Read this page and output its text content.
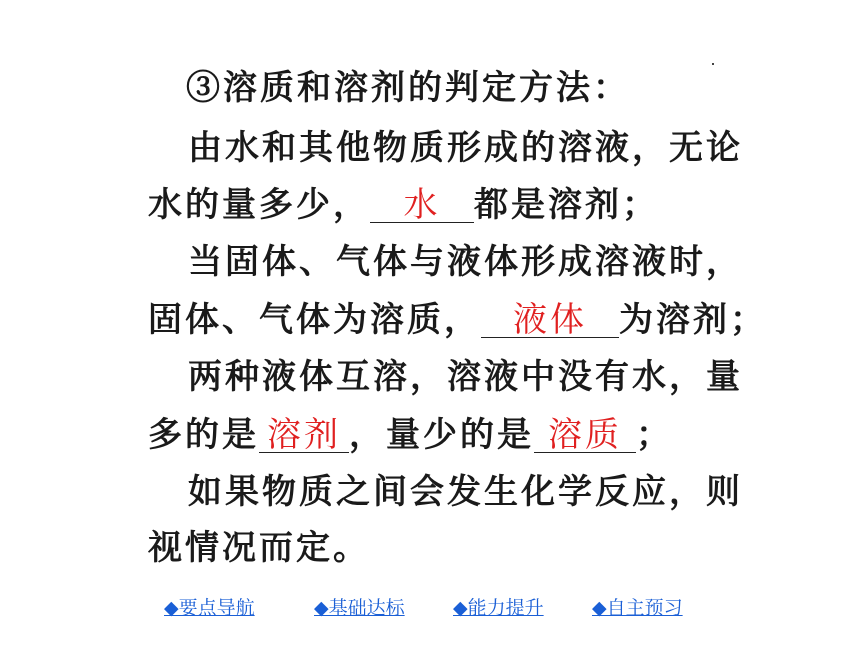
③溶质和溶剂的判定方法：
由水和其他物质形成的溶液，无论
水的量多少， 水 都是溶剂；
当固体、气体与液体形成溶液时，
固体、气体为溶质， 液体 为溶剂；
两种液体互溶，溶液中没有水，量
多的是 溶剂 ，量少的是 溶质 ；
如果物质之间会发生化学反应，则
视情况而定。
◆要点导航	◆基础达标	◆能力提升	◆自主预习
